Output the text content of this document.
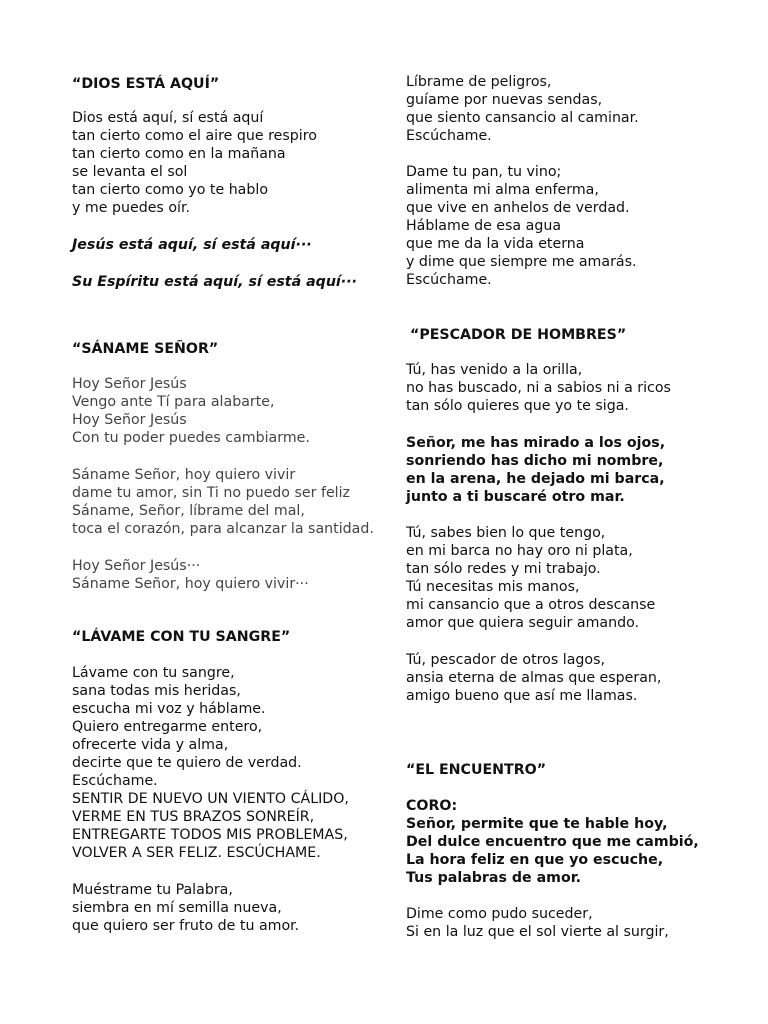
“DIOS ESTÁ AQUÍ”

Dios está aquí, sí está aquí

tan cierto como el aire que respiro

tan cierto como en la mañana

se levanta el sol

tan cierto como yo te hablo

y me puedes oír.

Jesús está aquí, sí está aquí···

Su Espíritu está aquí, sí está aquí···

“SÁNAME SEÑOR”

Hoy Señor Jesús

Vengo ante Tí para alabarte,

Hoy Señor Jesús

Con tu poder puedes cambiarme.

Sáname Señor, hoy quiero vivir

dame tu amor, sin Ti no puedo ser feliz

Sáname, Señor, líbrame del mal,

toca el corazón, para alcanzar la santidad.

Hoy Señor Jesús···

Sáname Señor, hoy quiero vivir···

“LÁVAME CON TU SANGRE”

Lávame con tu sangre,

sana todas mis heridas,

escucha mi voz y háblame.

Quiero entregarme entero,

ofrecerte vida y alma,

decirte que te quiero de verdad.

Escúchame.

SENTIR DE NUEVO UN VIENTO CÁLIDO,

VERME EN TUS BRAZOS SONREÍR,

ENTREGARTE TODOS MIS PROBLEMAS,

VOLVER A SER FELIZ. ESCÚCHAME.

Muéstrame tu Palabra,

siembra en mí semilla nueva,

que quiero ser fruto de tu amor.

Líbrame de peligros,

guíame por nuevas sendas,

que siento cansancio al caminar.

Escúchame.

Dame tu pan, tu vino;

alimenta mi alma enferma,

que vive en anhelos de verdad.

Háblame de esa agua

que me da la vida eterna

y dime que siempre me amarás.

Escúchame.

“PESCADOR DE HOMBRES”

Tú, has venido a la orilla,

no has buscado, ni a sabios ni a ricos

tan sólo quieres que yo te siga.

Señor, me has mirado a los ojos,

sonriendo has dicho mi nombre,

en la arena, he dejado mi barca,

junto a ti buscaré otro mar.

Tú, sabes bien lo que tengo,

en mi barca no hay oro ni plata,

tan sólo redes y mi trabajo.

Tú necesitas mis manos,

mi cansancio que a otros descanse

amor que quiera seguir amando.

Tú, pescador de otros lagos,

ansia eterna de almas que esperan,

amigo bueno que así me llamas.

“EL ENCUENTRO”

CORO:

Señor, permite que te hable hoy,

Del dulce encuentro que me cambió,

La hora feliz en que yo escuche,

Tus palabras de amor.

Dime como pudo suceder,

Si en la luz que el sol vierte al surgir,
